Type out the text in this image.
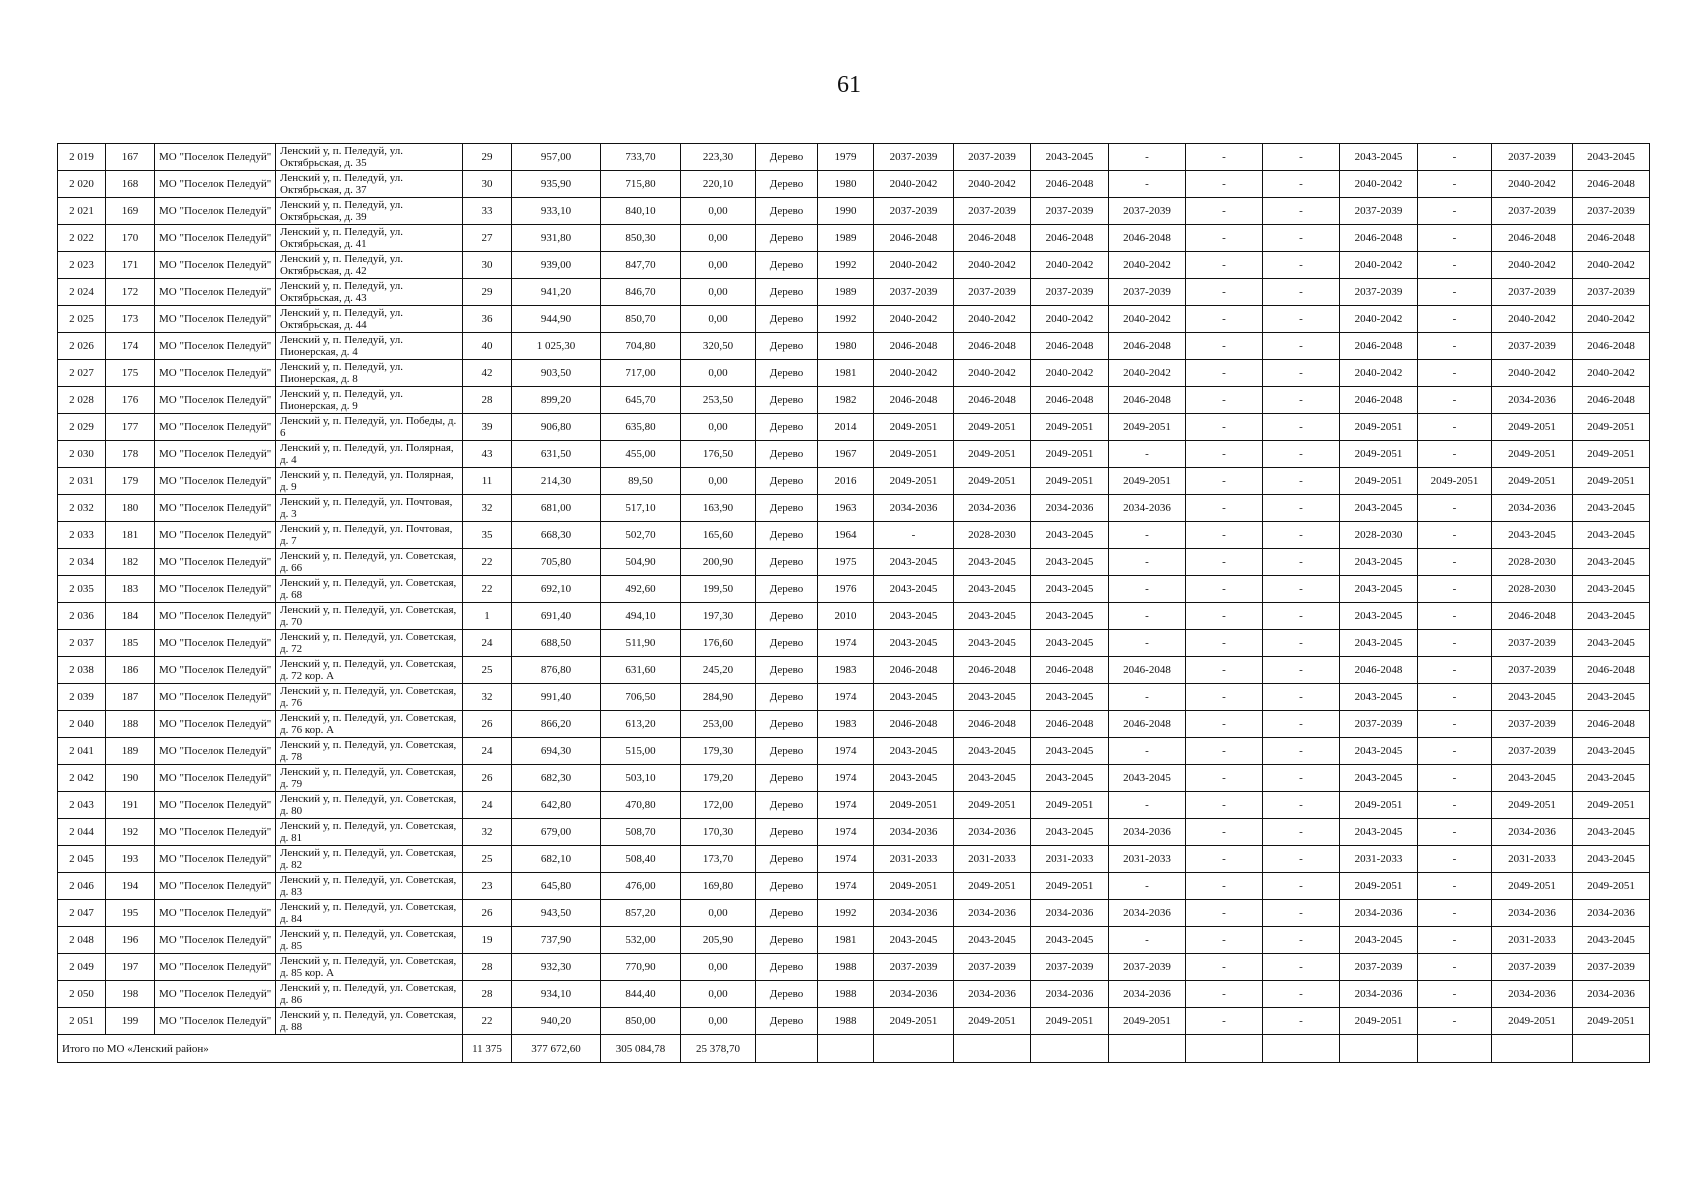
61
2 019	167	МО "Поселок Пеледуй"	Ленский у, п. Пеледуй, ул. Октябрьская, д. 35	29	957,00	733,70	223,30	Дерево	1979	2037-2039	2037-2039	2043-2045	-	-	-	2043-2045	-	2037-2039	2043-2045
2 020	168	МО "Поселок Пеледуй"	Ленский у, п. Пеледуй, ул. Октябрьская, д. 37	30	935,90	715,80	220,10	Дерево	1980	2040-2042	2040-2042	2046-2048	-	-	-	2040-2042	-	2040-2042	2046-2048
2 021	169	МО "Поселок Пеледуй"	Ленский у, п. Пеледуй, ул. Октябрьская, д. 39	33	933,10	840,10	0,00	Дерево	1990	2037-2039	2037-2039	2037-2039	2037-2039	-	-	2037-2039	-	2037-2039	2037-2039
2 022	170	МО "Поселок Пеледуй"	Ленский у, п. Пеледуй, ул. Октябрьская, д. 41	27	931,80	850,30	0,00	Дерево	1989	2046-2048	2046-2048	2046-2048	2046-2048	-	-	2046-2048	-	2046-2048	2046-2048
2 023	171	МО "Поселок Пеледуй"	Ленский у, п. Пеледуй, ул. Октябрьская, д. 42	30	939,00	847,70	0,00	Дерево	1992	2040-2042	2040-2042	2040-2042	2040-2042	-	-	2040-2042	-	2040-2042	2040-2042
2 024	172	МО "Поселок Пеледуй"	Ленский у, п. Пеледуй, ул. Октябрьская, д. 43	29	941,20	846,70	0,00	Дерево	1989	2037-2039	2037-2039	2037-2039	2037-2039	-	-	2037-2039	-	2037-2039	2037-2039
2 025	173	МО "Поселок Пеледуй"	Ленский у, п. Пеледуй, ул. Октябрьская, д. 44	36	944,90	850,70	0,00	Дерево	1992	2040-2042	2040-2042	2040-2042	2040-2042	-	-	2040-2042	-	2040-2042	2040-2042
2 026	174	МО "Поселок Пеледуй"	Ленский у, п. Пеледуй, ул. Пионерская, д. 4	40	1 025,30	704,80	320,50	Дерево	1980	2046-2048	2046-2048	2046-2048	2046-2048	-	-	2046-2048	-	2037-2039	2046-2048
2 027	175	МО "Поселок Пеледуй"	Ленский у, п. Пеледуй, ул. Пионерская, д. 8	42	903,50	717,00	0,00	Дерево	1981	2040-2042	2040-2042	2040-2042	2040-2042	-	-	2040-2042	-	2040-2042	2040-2042
2 028	176	МО "Поселок Пеледуй"	Ленский у, п. Пеледуй, ул. Пионерская, д. 9	28	899,20	645,70	253,50	Дерево	1982	2046-2048	2046-2048	2046-2048	2046-2048	-	-	2046-2048	-	2034-2036	2046-2048
2 029	177	МО "Поселок Пеледуй"	Ленский у, п. Пеледуй, ул. Победы, д. 6	39	906,80	635,80	0,00	Дерево	2014	2049-2051	2049-2051	2049-2051	2049-2051	-	-	2049-2051	-	2049-2051	2049-2051
2 030	178	МО "Поселок Пеледуй"	Ленский у, п. Пеледуй, ул. Полярная, д. 4	43	631,50	455,00	176,50	Дерево	1967	2049-2051	2049-2051	2049-2051	-	-	-	2049-2051	-	2049-2051	2049-2051
2 031	179	МО "Поселок Пеледуй"	Ленский у, п. Пеледуй, ул. Полярная, д. 9	11	214,30	89,50	0,00	Дерево	2016	2049-2051	2049-2051	2049-2051	2049-2051	-	-	2049-2051	2049-2051	2049-2051	2049-2051
2 032	180	МО "Поселок Пеледуй"	Ленский у, п. Пеледуй, ул. Почтовая, д. 3	32	681,00	517,10	163,90	Дерево	1963	2034-2036	2034-2036	2034-2036	2034-2036	-	-	2043-2045	-	2034-2036	2043-2045
2 033	181	МО "Поселок Пеледуй"	Ленский у, п. Пеледуй, ул. Почтовая, д. 7	35	668,30	502,70	165,60	Дерево	1964	-	2028-2030	2043-2045	-	-	-	2028-2030	-	2043-2045	2043-2045
2 034	182	МО "Поселок Пеледуй"	Ленский у, п. Пеледуй, ул. Советская, д. 66	22	705,80	504,90	200,90	Дерево	1975	2043-2045	2043-2045	2043-2045	-	-	-	2043-2045	-	2028-2030	2043-2045
2 035	183	МО "Поселок Пеледуй"	Ленский у, п. Пеледуй, ул. Советская, д. 68	22	692,10	492,60	199,50	Дерево	1976	2043-2045	2043-2045	2043-2045	-	-	-	2043-2045	-	2028-2030	2043-2045
2 036	184	МО "Поселок Пеледуй"	Ленский у, п. Пеледуй, ул. Советская, д. 70	1	691,40	494,10	197,30	Дерево	2010	2043-2045	2043-2045	2043-2045	-	-	-	2043-2045	-	2046-2048	2043-2045
2 037	185	МО "Поселок Пеледуй"	Ленский у, п. Пеледуй, ул. Советская, д. 72	24	688,50	511,90	176,60	Дерево	1974	2043-2045	2043-2045	2043-2045	-	-	-	2043-2045	-	2037-2039	2043-2045
2 038	186	МО "Поселок Пеледуй"	Ленский у, п. Пеледуй, ул. Советская, д. 72 кор. А	25	876,80	631,60	245,20	Дерево	1983	2046-2048	2046-2048	2046-2048	2046-2048	-	-	2046-2048	-	2037-2039	2046-2048
2 039	187	МО "Поселок Пеледуй"	Ленский у, п. Пеледуй, ул. Советская, д. 76	32	991,40	706,50	284,90	Дерево	1974	2043-2045	2043-2045	2043-2045	-	-	-	2043-2045	-	2043-2045	2043-2045
2 040	188	МО "Поселок Пеледуй"	Ленский у, п. Пеледуй, ул. Советская, д. 76 кор. А	26	866,20	613,20	253,00	Дерево	1983	2046-2048	2046-2048	2046-2048	2046-2048	-	-	2037-2039	-	2037-2039	2046-2048
2 041	189	МО "Поселок Пеледуй"	Ленский у, п. Пеледуй, ул. Советская, д. 78	24	694,30	515,00	179,30	Дерево	1974	2043-2045	2043-2045	2043-2045	-	-	-	2043-2045	-	2037-2039	2043-2045
2 042	190	МО "Поселок Пеледуй"	Ленский у, п. Пеледуй, ул. Советская, д. 79	26	682,30	503,10	179,20	Дерево	1974	2043-2045	2043-2045	2043-2045	2043-2045	-	-	2043-2045	-	2043-2045	2043-2045
2 043	191	МО "Поселок Пеледуй"	Ленский у, п. Пеледуй, ул. Советская, д. 80	24	642,80	470,80	172,00	Дерево	1974	2049-2051	2049-2051	2049-2051	-	-	-	2049-2051	-	2049-2051	2049-2051
2 044	192	МО "Поселок Пеледуй"	Ленский у, п. Пеледуй, ул. Советская, д. 81	32	679,00	508,70	170,30	Дерево	1974	2034-2036	2034-2036	2043-2045	2034-2036	-	-	2043-2045	-	2034-2036	2043-2045
2 045	193	МО "Поселок Пеледуй"	Ленский у, п. Пеледуй, ул. Советская, д. 82	25	682,10	508,40	173,70	Дерево	1974	2031-2033	2031-2033	2031-2033	2031-2033	-	-	2031-2033	-	2031-2033	2043-2045
2 046	194	МО "Поселок Пеледуй"	Ленский у, п. Пеледуй, ул. Советская, д. 83	23	645,80	476,00	169,80	Дерево	1974	2049-2051	2049-2051	2049-2051	-	-	-	2049-2051	-	2049-2051	2049-2051
2 047	195	МО "Поселок Пеледуй"	Ленский у, п. Пеледуй, ул. Советская, д. 84	26	943,50	857,20	0,00	Дерево	1992	2034-2036	2034-2036	2034-2036	2034-2036	-	-	2034-2036	-	2034-2036	2034-2036
2 048	196	МО "Поселок Пеледуй"	Ленский у, п. Пеледуй, ул. Советская, д. 85	19	737,90	532,00	205,90	Дерево	1981	2043-2045	2043-2045	2043-2045	-	-	-	2043-2045	-	2031-2033	2043-2045
2 049	197	МО "Поселок Пеледуй"	Ленский у, п. Пеледуй, ул. Советская, д. 85 кор. А	28	932,30	770,90	0,00	Дерево	1988	2037-2039	2037-2039	2037-2039	2037-2039	-	-	2037-2039	-	2037-2039	2037-2039
2 050	198	МО "Поселок Пеледуй"	Ленский у, п. Пеледуй, ул. Советская, д. 86	28	934,10	844,40	0,00	Дерево	1988	2034-2036	2034-2036	2034-2036	2034-2036	-	-	2034-2036	-	2034-2036	2034-2036
2 051	199	МО "Поселок Пеледуй"	Ленский у, п. Пеледуй, ул. Советская, д. 88	22	940,20	850,00	0,00	Дерево	1988	2049-2051	2049-2051	2049-2051	2049-2051	-	-	2049-2051	-	2049-2051	2049-2051
Итого по МО «Ленский район»				11 375	377 672,60	305 084,78	25 378,70												
